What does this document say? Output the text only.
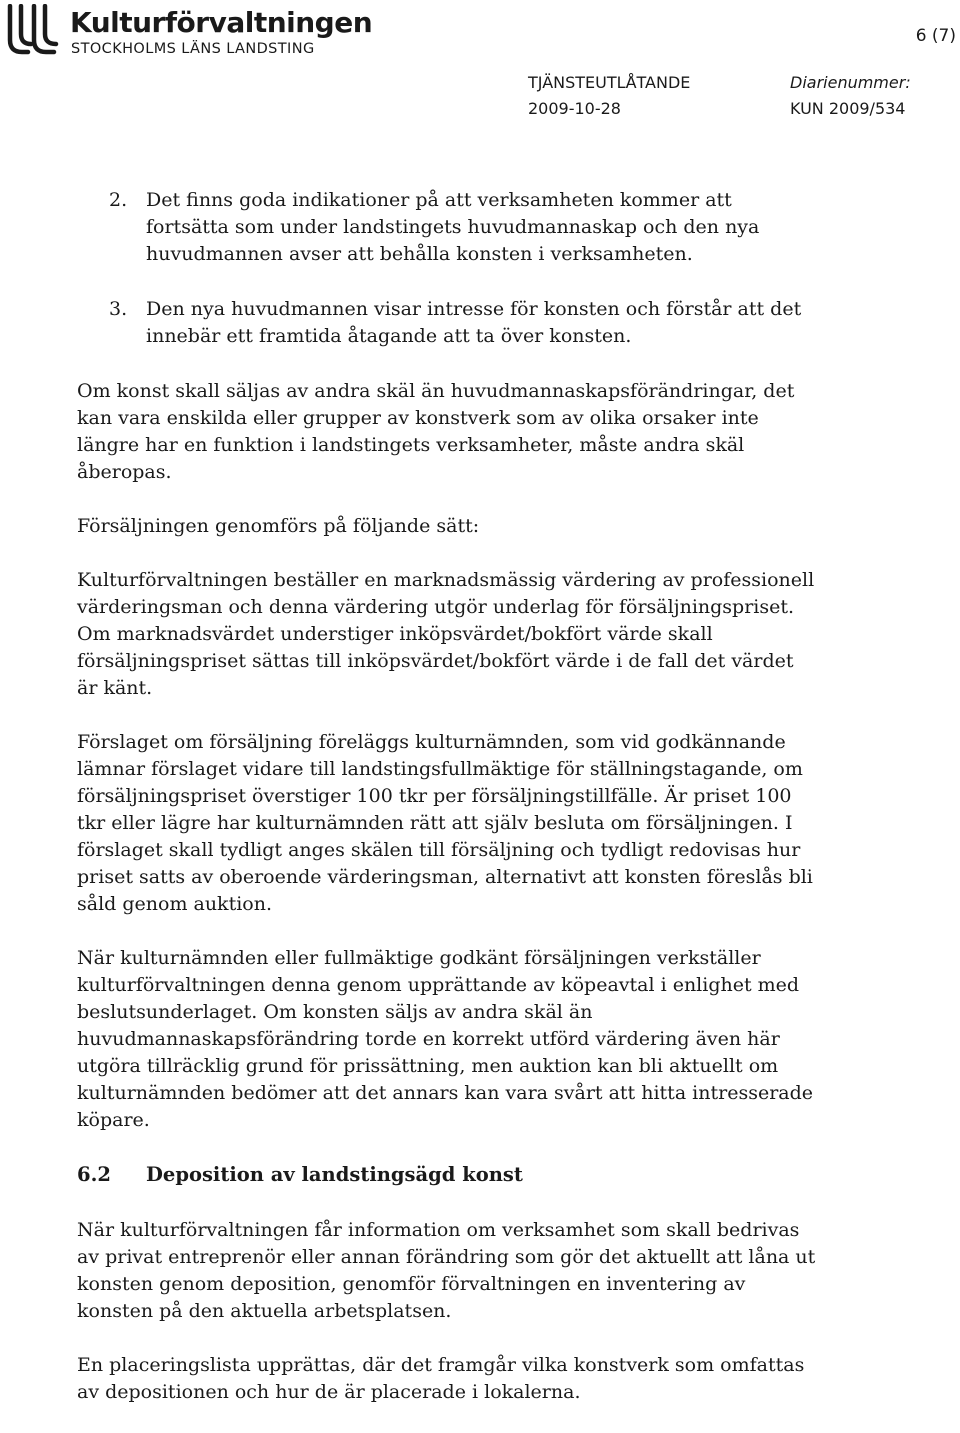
Kulturförvaltningen
STOCKHOLMS LÄNS LANDSTING
6 (7)
TJÄNSTEUTLÅTANDE
2009-10-28
Diarienummer:
KUN 2009/534
2. Det finns goda indikationer på att verksamheten kommer att fortsätta som under landstingets huvudmannaskap och den nya huvudmannen avser att behålla konsten i verksamheten.
3. Den nya huvudmannen visar intresse för konsten och förstår att det innebär ett framtida åtagande att ta över konsten.

Om konst skall säljas av andra skäl än huvudmannaskapsförändringar, det kan vara enskilda eller grupper av konstverk som av olika orsaker inte längre har en funktion i landstingets verksamheter, måste andra skäl åberopas.

Försäljningen genomförs på följande sätt:

Kulturförvaltningen beställer en marknadsmässig värdering av professionell värderingsman och denna värdering utgör underlag för försäljningspriset. Om marknadsvärdet understiger inköpsvärdet/bokfört värde skall försäljningspriset sättas till inköpsvärdet/bokfört värde i de fall det värdet är känt.

Förslaget om försäljning föreläggs kulturnämnden, som vid godkännande lämnar förslaget vidare till landstingsfullmäktige för ställningstagande, om försäljningspriset överstiger 100 tkr per försäljningstillfälle. Är priset 100 tkr eller lägre har kulturnämnden rätt att själv besluta om försäljningen. I förslaget skall tydligt anges skälen till försäljning och tydligt redovisas hur priset satts av oberoende värderingsman, alternativt att konsten föreslås bli såld genom auktion.

När kulturnämnden eller fullmäktige godkänt försäljningen verkställer kulturförvaltningen denna genom upprättande av köpeavtal i enlighet med beslutsunderlaget. Om konsten säljs av andra skäl än huvudmannaskapsförändring torde en korrekt utförd värdering även här utgöra tillräcklig grund för prissättning, men auktion kan bli aktuellt om kulturnämnden bedömer att det annars kan vara svårt att hitta intresserade köpare.

6.2 Deposition av landstingsägd konst

När kulturförvaltningen får information om verksamhet som skall bedrivas av privat entreprenör eller annan förändring som gör det aktuellt att låna ut konsten genom deposition, genomför förvaltningen en inventering av konsten på den aktuella arbetsplatsen.

En placeringslista upprättas, där det framgår vilka konstverk som omfattas av depositionen och hur de är placerade i lokalerna.
